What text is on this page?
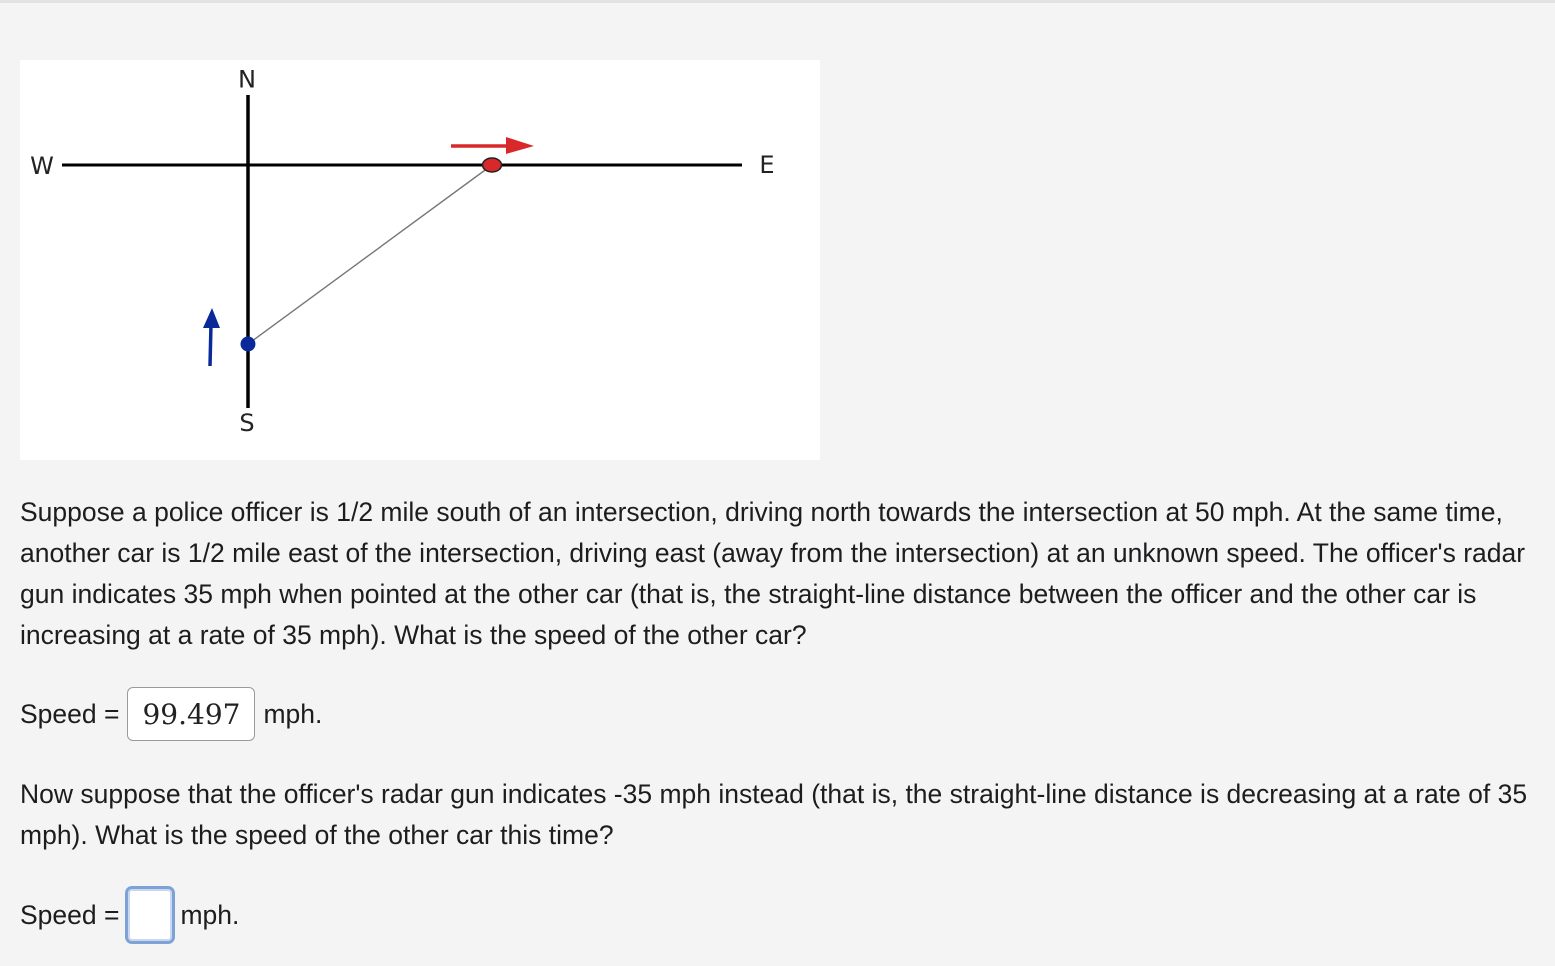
N
S
E
W

Suppose a police officer is 1/2 mile south of an intersection, driving north towards the intersection at 50 mph. At the same time, another car is 1/2 mile east of the intersection, driving east (away from the intersection) at an unknown speed. The officer's radar gun indicates 35 mph when pointed at the other car (that is, the straight-line distance between the officer and the other car is increasing at a rate of 35 mph). What is the speed of the other car?

Speed = 99.497 mph.

Now suppose that the officer's radar gun indicates -35 mph instead (that is, the straight-line distance is decreasing at a rate of 35 mph). What is the speed of the other car this time?

Speed = mph.
